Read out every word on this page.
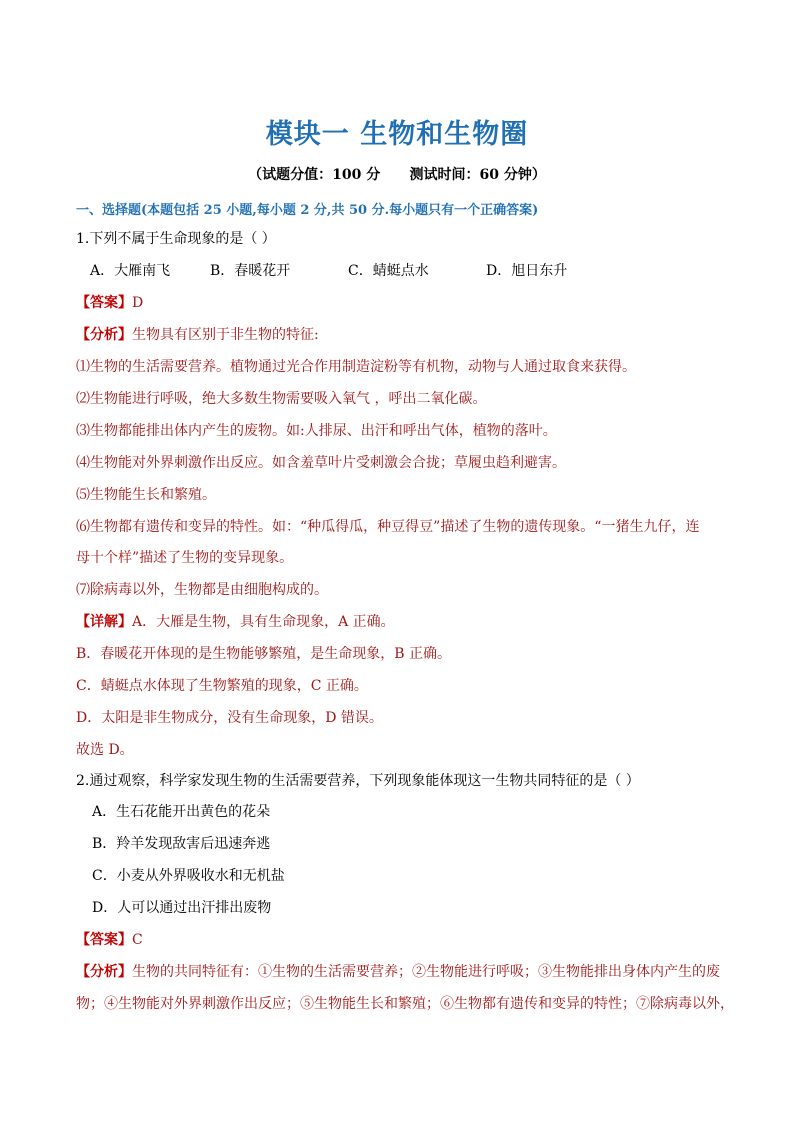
模块一 生物和生物圈
（试题分值：100 分      测试时间：60 分钟）
一、选择题(本题包括 25 小题,每小题 2 分,共 50 分.每小题只有一个正确答案)
1.下列不属于生命现象的是（ ）
A．大雁南飞	B．春暖花开	C．蜻蜓点水	D．旭日东升
【答案】D
【分析】生物具有区别于非生物的特征:
⑴生物的生活需要营养。植物通过光合作用制造淀粉等有机物，动物与人通过取食来获得。
⑵生物能进行呼吸，绝大多数生物需要吸入氧气 ，呼出二氧化碳。
⑶生物都能排出体内产生的废物。如:人排尿、出汗和呼出气体，植物的落叶。
⑷生物能对外界刺激作出反应。如含羞草叶片受刺激会合拢；草履虫趋利避害。
⑸生物能生长和繁殖。
⑹生物都有遗传和变异的特性。如：“种瓜得瓜，种豆得豆”描述了生物的遗传现象。“一猪生九仔，连
母十个样”描述了生物的变异现象。
⑺除病毒以外，生物都是由细胞构成的。
【详解】A．大雁是生物，具有生命现象，A 正确。
B．春暖花开体现的是生物能够繁殖，是生命现象，B 正确。
C．蜻蜓点水体现了生物繁殖的现象，C 正确。
D．太阳是非生物成分，没有生命现象，D 错误。
故选 D。
2.通过观察，科学家发现生物的生活需要营养，下列现象能体现这一生物共同特征的是（ ）
A．生石花能开出黄色的花朵
B．羚羊发现敌害后迅速奔逃
C．小麦从外界吸收水和无机盐
D．人可以通过出汗排出废物
【答案】C
【分析】生物的共同特征有：①生物的生活需要营养；②生物能进行呼吸；③生物能排出身体内产生的废
物；④生物能对外界刺激作出反应；⑤生物能生长和繁殖；⑥生物都有遗传和变异的特性；⑦除病毒以外，
